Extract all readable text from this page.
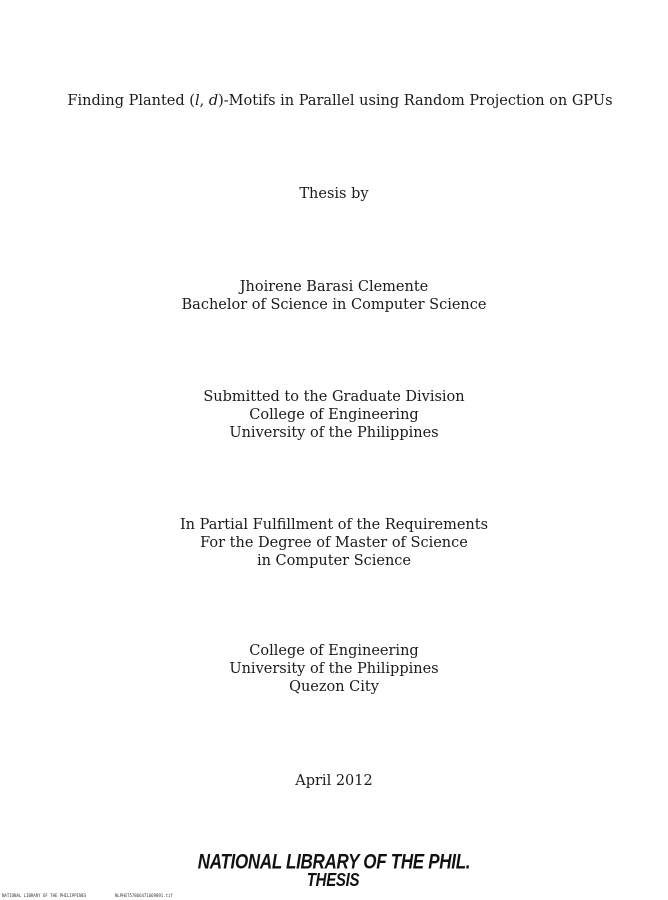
Finding Planted (l, d)-Motifs in Parallel using Random Projection on GPUs
Thesis by
Jhoirene Barasi Clemente
Bachelor of Science in Computer Science
Submitted to the Graduate Division
College of Engineering
University of the Philippines
In Partial Fulfillment of the Requirements
For the Degree of Master of Science
in Computer Science
College of Engineering
University of the Philippines
Quezon City
April 2012
NATIONAL LIBRARY OF THE PHIL.
THESIS
NATIONAL LIBRARY OF THE PHILIPPINES	NLPHGT57866471669891.tif
